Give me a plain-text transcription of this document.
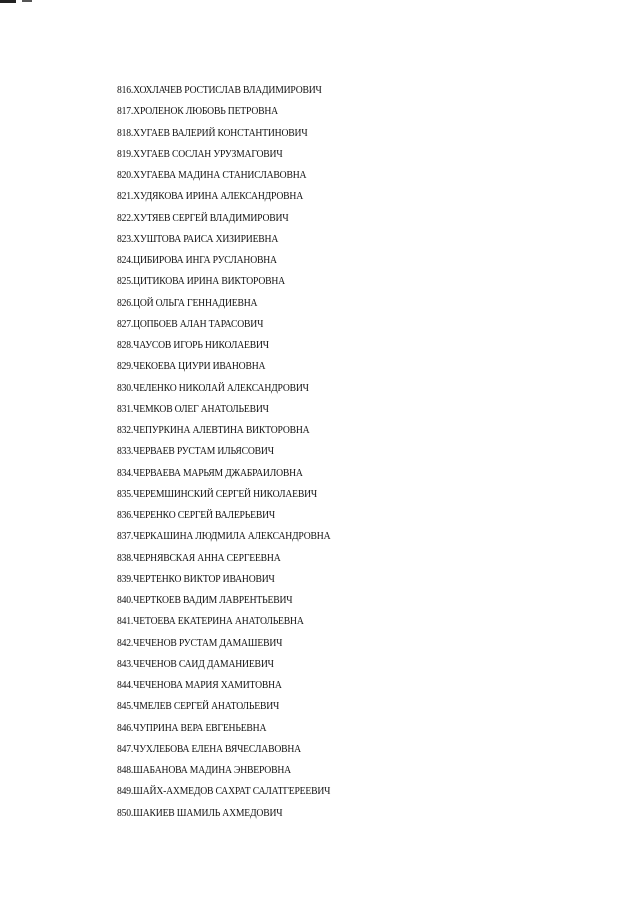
816.ХОХЛАЧЕВ РОСТИСЛАВ ВЛАДИМИРОВИЧ
817.ХРОЛЕНОК ЛЮБОВЬ ПЕТРОВНА
818.ХУГАЕВ ВАЛЕРИЙ КОНСТАНТИНОВИЧ
819.ХУГАЕВ СОСЛАН УРУЗМАГОВИЧ
820.ХУГАЕВА МАДИНА СТАНИСЛАВОВНА
821.ХУДЯКОВА ИРИНА АЛЕКСАНДРОВНА
822.ХУТЯЕВ СЕРГЕЙ ВЛАДИМИРОВИЧ
823.ХУШТОВА РАИСА ХИЗИРИЕВНА
824.ЦИБИРОВА ИНГА РУСЛАНОВНА
825.ЦИТИКОВА ИРИНА ВИКТОРОВНА
826.ЦОЙ ОЛЬГА ГЕННАДИЕВНА
827.ЦОПБОЕВ АЛАН ТАРАСОВИЧ
828.ЧАУСОВ ИГОРЬ НИКОЛАЕВИЧ
829.ЧЕКОЕВА ЦИУРИ ИВАНОВНА
830.ЧЕЛЕНКО НИКОЛАЙ АЛЕКСАНДРОВИЧ
831.ЧЕМКОВ ОЛЕГ АНАТОЛЬЕВИЧ
832.ЧЕПУРКИНА АЛЕВТИНА ВИКТОРОВНА
833.ЧЕРВАЕВ РУСТАМ ИЛЬЯСОВИЧ
834.ЧЕРВАЕВА МАРЬЯМ ДЖАБРАИЛОВНА
835.ЧЕРЕМШИНСКИЙ СЕРГЕЙ НИКОЛАЕВИЧ
836.ЧЕРЕНКО СЕРГЕЙ ВАЛЕРЬЕВИЧ
837.ЧЕРКАШИНА ЛЮДМИЛА АЛЕКСАНДРОВНА
838.ЧЕРНЯВСКАЯ АННА СЕРГЕЕВНА
839.ЧЕРТЕНКО ВИКТОР ИВАНОВИЧ
840.ЧЕРТКОЕВ ВАДИМ ЛАВРЕНТЬЕВИЧ
841.ЧЕТОЕВА ЕКАТЕРИНА АНАТОЛЬЕВНА
842.ЧЕЧЕНОВ РУСТАМ ДАМАШЕВИЧ
843.ЧЕЧЕНОВ САИД ДАМАНИЕВИЧ
844.ЧЕЧЕНОВА МАРИЯ ХАМИТОВНА
845.ЧМЕЛЕВ СЕРГЕЙ АНАТОЛЬЕВИЧ
846.ЧУПРИНА ВЕРА ЕВГЕНЬЕВНА
847.ЧУХЛЕБОВА ЕЛЕНА ВЯЧЕСЛАВОВНА
848.ШАБАНОВА МАДИНА ЭНВЕРОВНА
849.ШАЙХ-АХМЕДОВ САХРАТ САЛАТГЕРЕЕВИЧ
850.ШАКИЕВ ШАМИЛЬ АХМЕДОВИЧ
